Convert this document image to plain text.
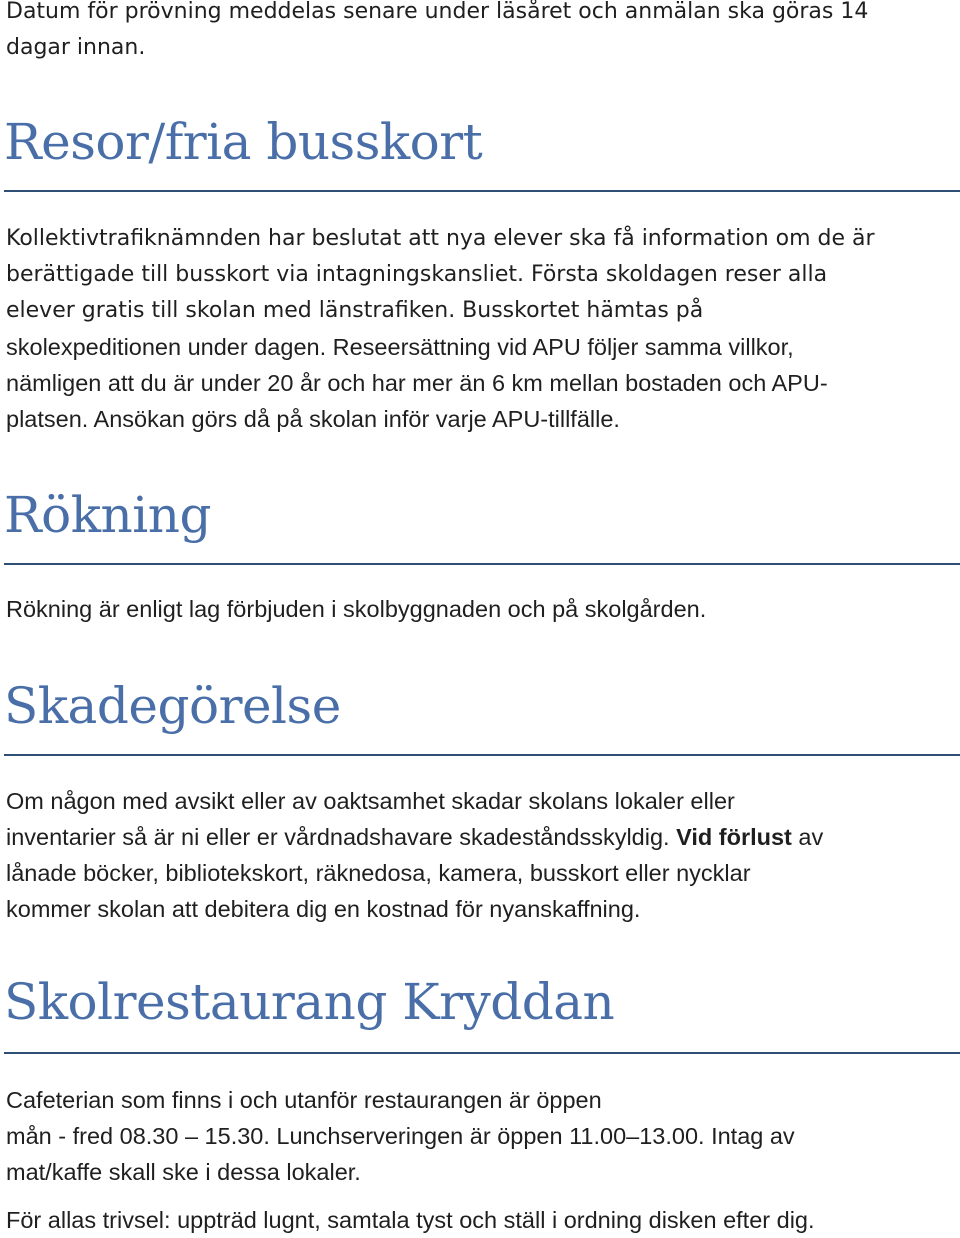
Datum för prövning meddelas senare under läsåret och anmälan ska göras 14
dagar innan.

Resor/fria busskort

Kollektivtrafiknämnden har beslutat att nya elever ska få information om de är
berättigade till busskort via intagningskansliet. Första skoldagen reser alla
elever gratis till skolan med länstrafiken. Busskortet hämtas på
skolexpeditionen under dagen. Reseersättning vid APU följer samma villkor,
nämligen att du är under 20 år och har mer än 6 km mellan bostaden och APU-
platsen. Ansökan görs då på skolan inför varje APU-tillfälle.

Rökning

Rökning är enligt lag förbjuden i skolbyggnaden och på skolgården.

Skadegörelse

Om någon med avsikt eller av oaktsamhet skadar skolans lokaler eller
inventarier så är ni eller er vårdnadshavare skadeståndsskyldig. Vid förlust av
lånade böcker, bibliotekskort, räknedosa, kamera, busskort eller nycklar
kommer skolan att debitera dig en kostnad för nyanskaffning.

Skolrestaurang Kryddan

Cafeterian som finns i och utanför restaurangen är öppen
mån - fred 08.30 – 15.30. Lunchserveringen är öppen 11.00–13.00. Intag av
mat/kaffe skall ske i dessa lokaler.

För allas trivsel: uppträd lugnt, samtala tyst och ställ i ordning disken efter dig.
